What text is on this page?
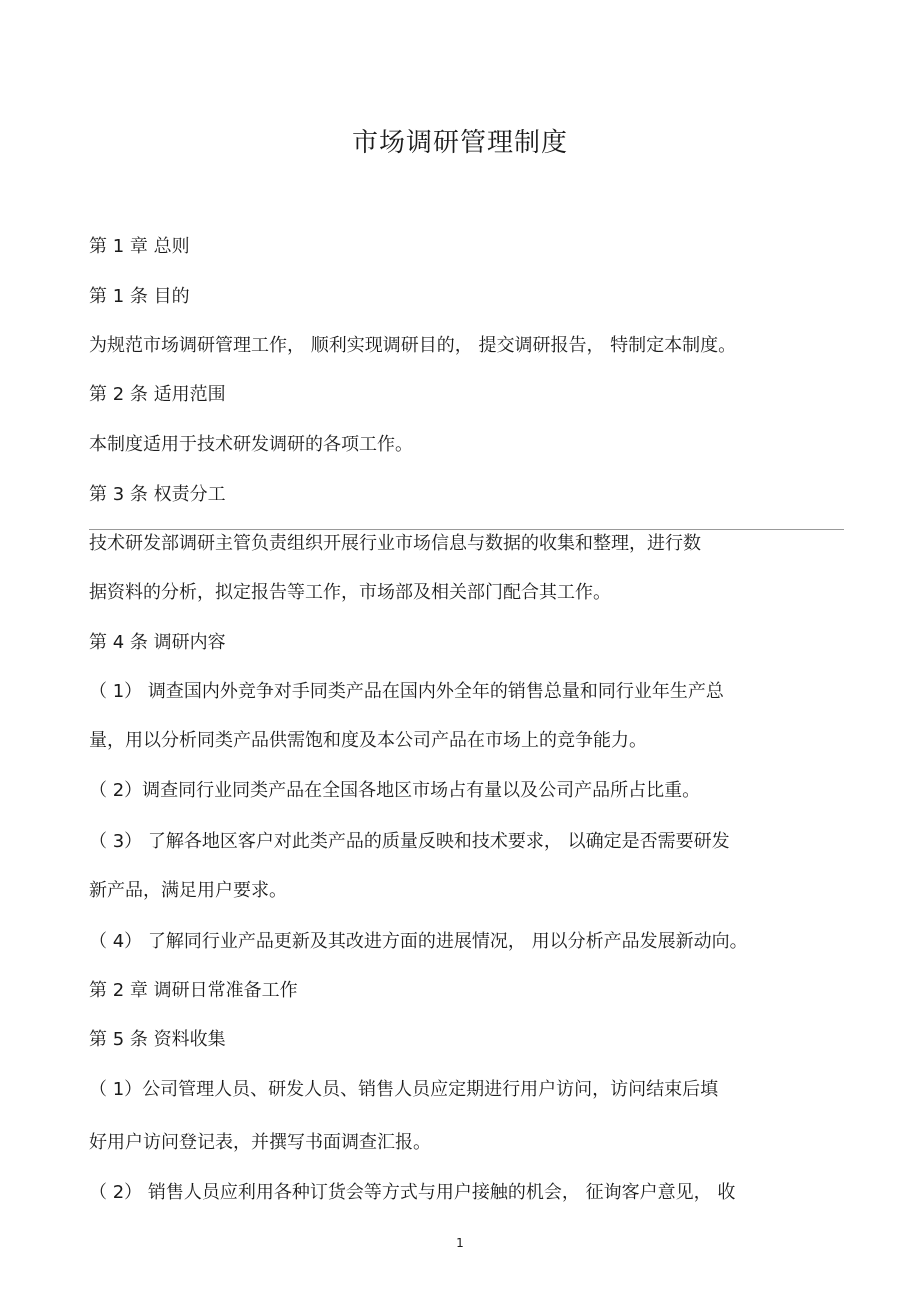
市场调研管理制度
第 1 章 总则
第 1 条 目的
为规范市场调研管理工作， 顺利实现调研目的， 提交调研报告， 特制定本制度。
第 2 条 适用范围
本制度适用于技术研发调研的各项工作。
第 3 条 权责分工
技术研发部调研主管负责组织开展行业市场信息与数据的收集和整理，进行数
据资料的分析，拟定报告等工作，市场部及相关部门配合其工作。
第 4 条 调研内容
（ 1） 调查国内外竞争对手同类产品在国内外全年的销售总量和同行业年生产总
量，用以分析同类产品供需饱和度及本公司产品在市场上的竞争能力。
（ 2）调查同行业同类产品在全国各地区市场占有量以及公司产品所占比重。
（ 3） 了解各地区客户对此类产品的质量反映和技术要求， 以确定是否需要研发
新产品，满足用户要求。
（ 4） 了解同行业产品更新及其改进方面的进展情况， 用以分析产品发展新动向。
第 2 章 调研日常准备工作
第 5 条 资料收集
（ 1）公司管理人员、研发人员、销售人员应定期进行用户访问，访问结束后填
好用户访问登记表，并撰写书面调查汇报。
（ 2） 销售人员应利用各种订货会等方式与用户接触的机会， 征询客户意见， 收
1
